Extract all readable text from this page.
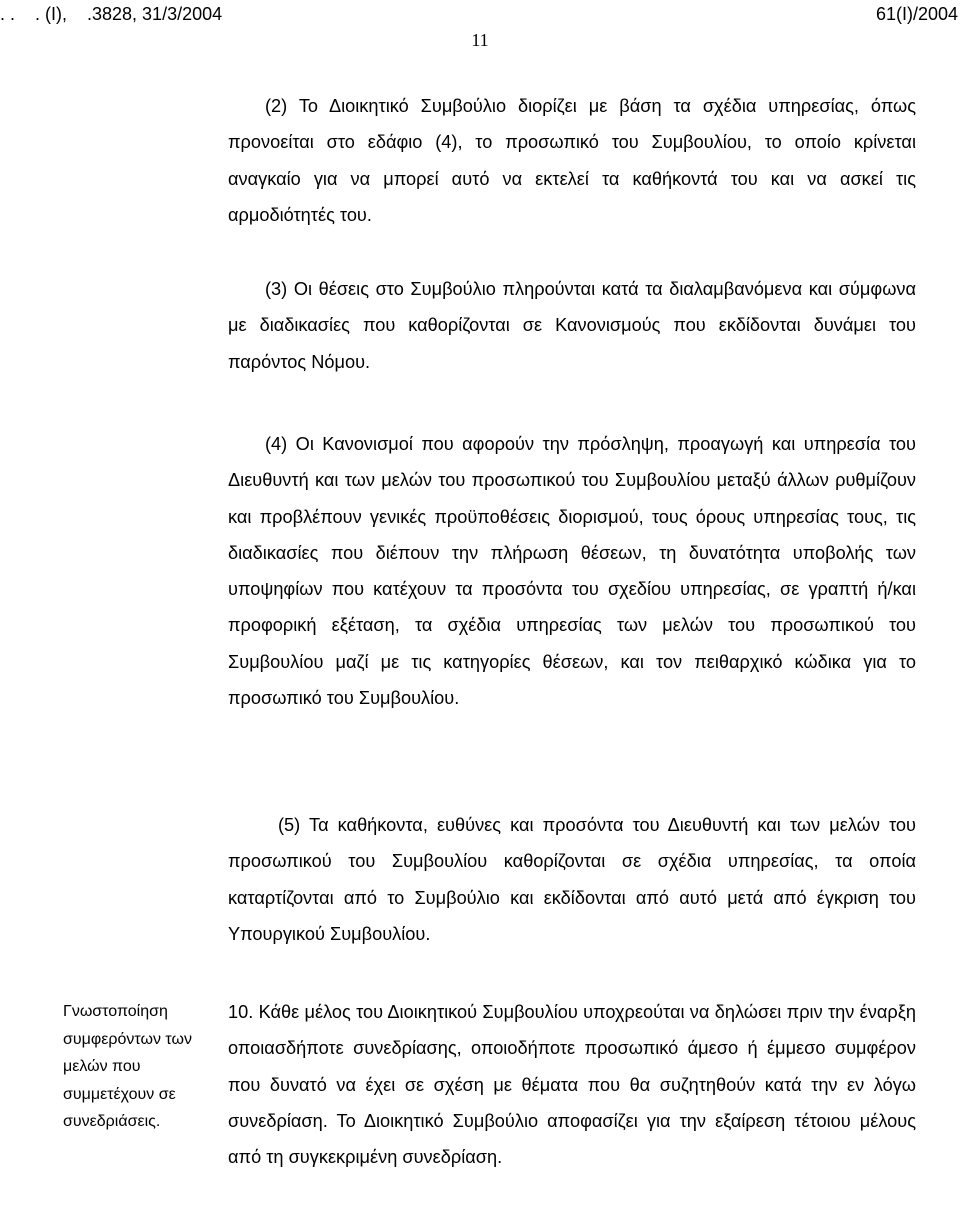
. .    . (Ι),    .3828, 31/3/2004	61(I)/2004
11

(2) Το Διοικητικό Συμβούλιο διορίζει με βάση τα σχέδια υπηρεσίας, όπως προνοείται στο εδάφιο (4), το προσωπικό του Συμβουλίου, το οποίο κρίνεται αναγκαίο για να μπορεί αυτό να εκτελεί τα καθήκοντά του και να ασκεί τις αρμοδιότητές του.

(3) Οι θέσεις στο Συμβούλιο πληρούνται κατά τα διαλαμβανόμενα και σύμφωνα με διαδικασίες που καθορίζονται σε Κανονισμούς που εκδίδονται δυνάμει του παρόντος Νόμου.

(4) Οι Κανονισμοί που αφορούν την πρόσληψη, προαγωγή και υπηρεσία του Διευθυντή και των μελών του προσωπικού του Συμβουλίου μεταξύ άλλων ρυθμίζουν και προβλέπουν γενικές προϋποθέσεις διορισμού, τους όρους υπηρεσίας τους, τις διαδικασίες που διέπουν την πλήρωση θέσεων, τη δυνατότητα υποβολής των υποψηφίων που κατέχουν τα προσόντα του σχεδίου υπηρεσίας, σε γραπτή ή/και προφορική εξέταση, τα σχέδια υπηρεσίας των μελών του προσωπικού του Συμβουλίου μαζί με τις κατηγορίες θέσεων, και τον πειθαρχικό κώδικα για το προσωπικό του Συμβουλίου.

(5) Τα καθήκοντα, ευθύνες και προσόντα του Διευθυντή και των μελών του προσωπικού του Συμβουλίου καθορίζονται σε σχέδια υπηρεσίας, τα οποία καταρτίζονται από το Συμβούλιο και εκδίδονται από αυτό μετά από έγκριση του Υπουργικού Συμβουλίου.

Γνωστοποίηση συμφερόντων των μελών που συμμετέχουν σε συνεδριάσεις.

10. Κάθε μέλος του Διοικητικού Συμβουλίου υποχρεούται να δηλώσει πριν την έναρξη οποιασδήποτε συνεδρίασης, οποιοδήποτε προσωπικό άμεσο ή έμμεσο συμφέρον που δυνατό να έχει σε σχέση με θέματα που θα συζητηθούν κατά την εν λόγω συνεδρίαση. Το Διοικητικό Συμβούλιο αποφασίζει για την εξαίρεση τέτοιου μέλους από τη συγκεκριμένη συνεδρίαση.
